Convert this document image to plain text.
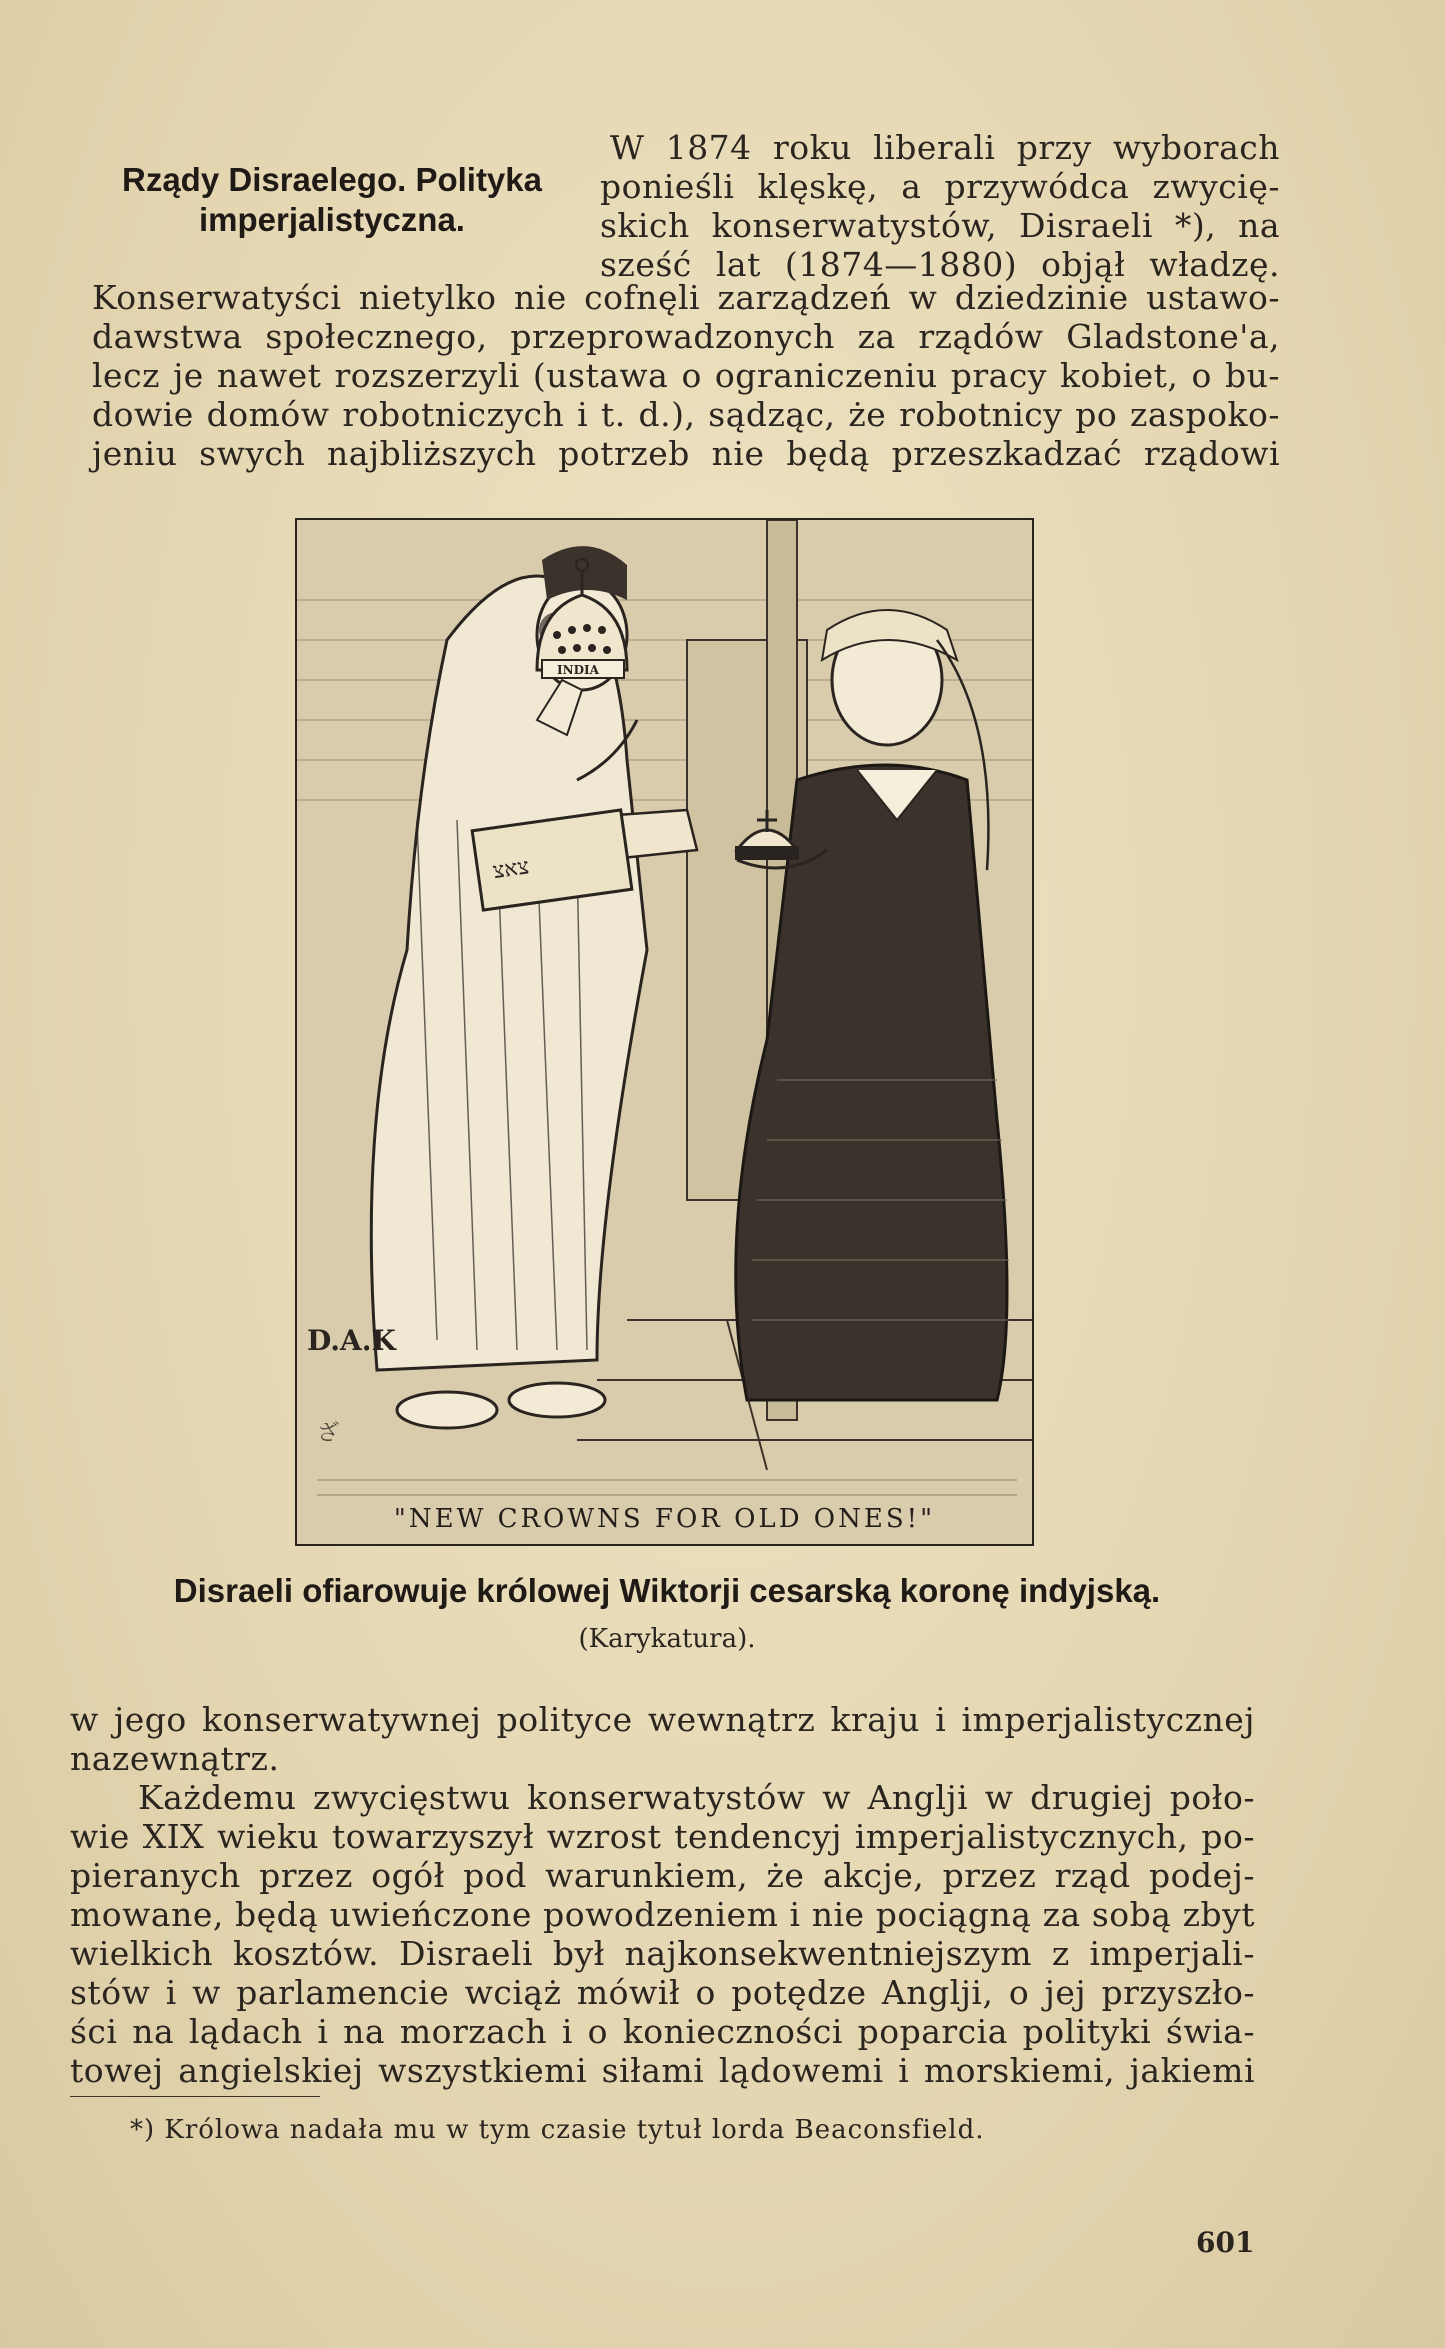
Rządy Disraelego. Polityka
imperjalistyczna.
W 1874 roku liberali przy wyborach
ponieśli klęskę, a przywódca zwycię-
skich konserwatystów, Disraeli *), na
sześć lat (1874—1880) objął władzę.
Konserwatyści nietylko nie cofnęli zarządzeń w dziedzinie ustawo-
dawstwa społecznego, przeprowadzonych za rządów Gladstone'a,
lecz je nawet rozszerzyli (ustawa o ograniczeniu pracy kobiet, o bu-
dowie domów robotniczych i t. d.), sądząc, że robotnicy po zaspoko-
jeniu swych najbliższych potrzeb nie będą przeszkadzać rządowi
צאצ
D.A.K
INDIA
ざ
"NEW CROWNS FOR OLD ONES!"
Disraeli ofiarowuje królowej Wiktorji cesarską koronę indyjską.
(Karykatura).
w jego konserwatywnej polityce wewnątrz kraju i imperjalistycznej
nazewnątrz.
Każdemu zwycięstwu konserwatystów w Anglji w drugiej poło-
wie XIX wieku towarzyszył wzrost tendencyj imperjalistycznych, po-
pieranych przez ogół pod warunkiem, że akcje, przez rząd podej-
mowane, będą uwieńczone powodzeniem i nie pociągną za sobą zbyt
wielkich kosztów. Disraeli był najkonsekwentniejszym z imperjali-
stów i w parlamencie wciąż mówił o potędze Anglji, o jej przyszło-
ści na lądach i na morzach i o konieczności poparcia polityki świa-
towej angielskiej wszystkiemi siłami lądowemi i morskiemi, jakiemi
*) Królowa nadała mu w tym czasie tytuł lorda Beaconsfield.
601
